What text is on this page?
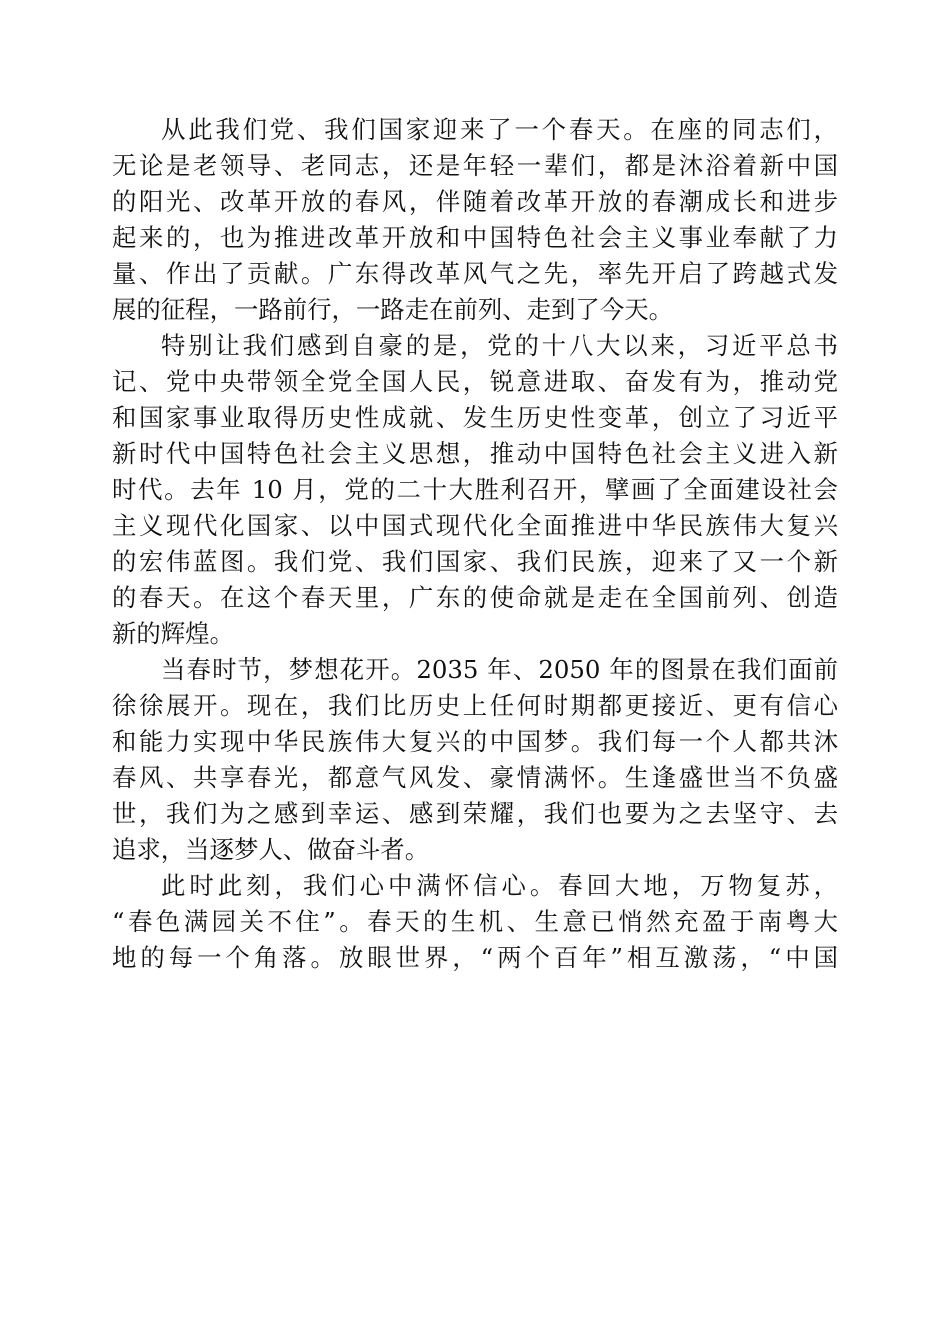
从此我们党、我们国家迎来了一个春天。在座的同志们，
无论是老领导、老同志，还是年轻一辈们，都是沐浴着新中国
的阳光、改革开放的春风，伴随着改革开放的春潮成长和进步
起来的，也为推进改革开放和中国特色社会主义事业奉献了力
量、作出了贡献。广东得改革风气之先，率先开启了跨越式发
展的征程，一路前行，一路走在前列、走到了今天。

特别让我们感到自豪的是，党的十八大以来，习近平总书
记、党中央带领全党全国人民，锐意进取、奋发有为，推动党
和国家事业取得历史性成就、发生历史性变革，创立了习近平
新时代中国特色社会主义思想，推动中国特色社会主义进入新
时代。去年 10 月，党的二十大胜利召开，擘画了全面建设社会
主义现代化国家、以中国式现代化全面推进中华民族伟大复兴
的宏伟蓝图。我们党、我们国家、我们民族，迎来了又一个新
的春天。在这个春天里，广东的使命就是走在全国前列、创造
新的辉煌。

当春时节，梦想花开。2035 年、2050 年的图景在我们面前
徐徐展开。现在，我们比历史上任何时期都更接近、更有信心
和能力实现中华民族伟大复兴的中国梦。我们每一个人都共沐
春风、共享春光，都意气风发、豪情满怀。生逢盛世当不负盛
世，我们为之感到幸运、感到荣耀，我们也要为之去坚守、去
追求，当逐梦人、做奋斗者。

此时此刻，我们心中满怀信心。春回大地，万物复苏，
“春色满园关不住”。春天的生机、生意已悄然充盈于南粤大
地的每一个角落。放眼世界，“两个百年”相互激荡，“中国
